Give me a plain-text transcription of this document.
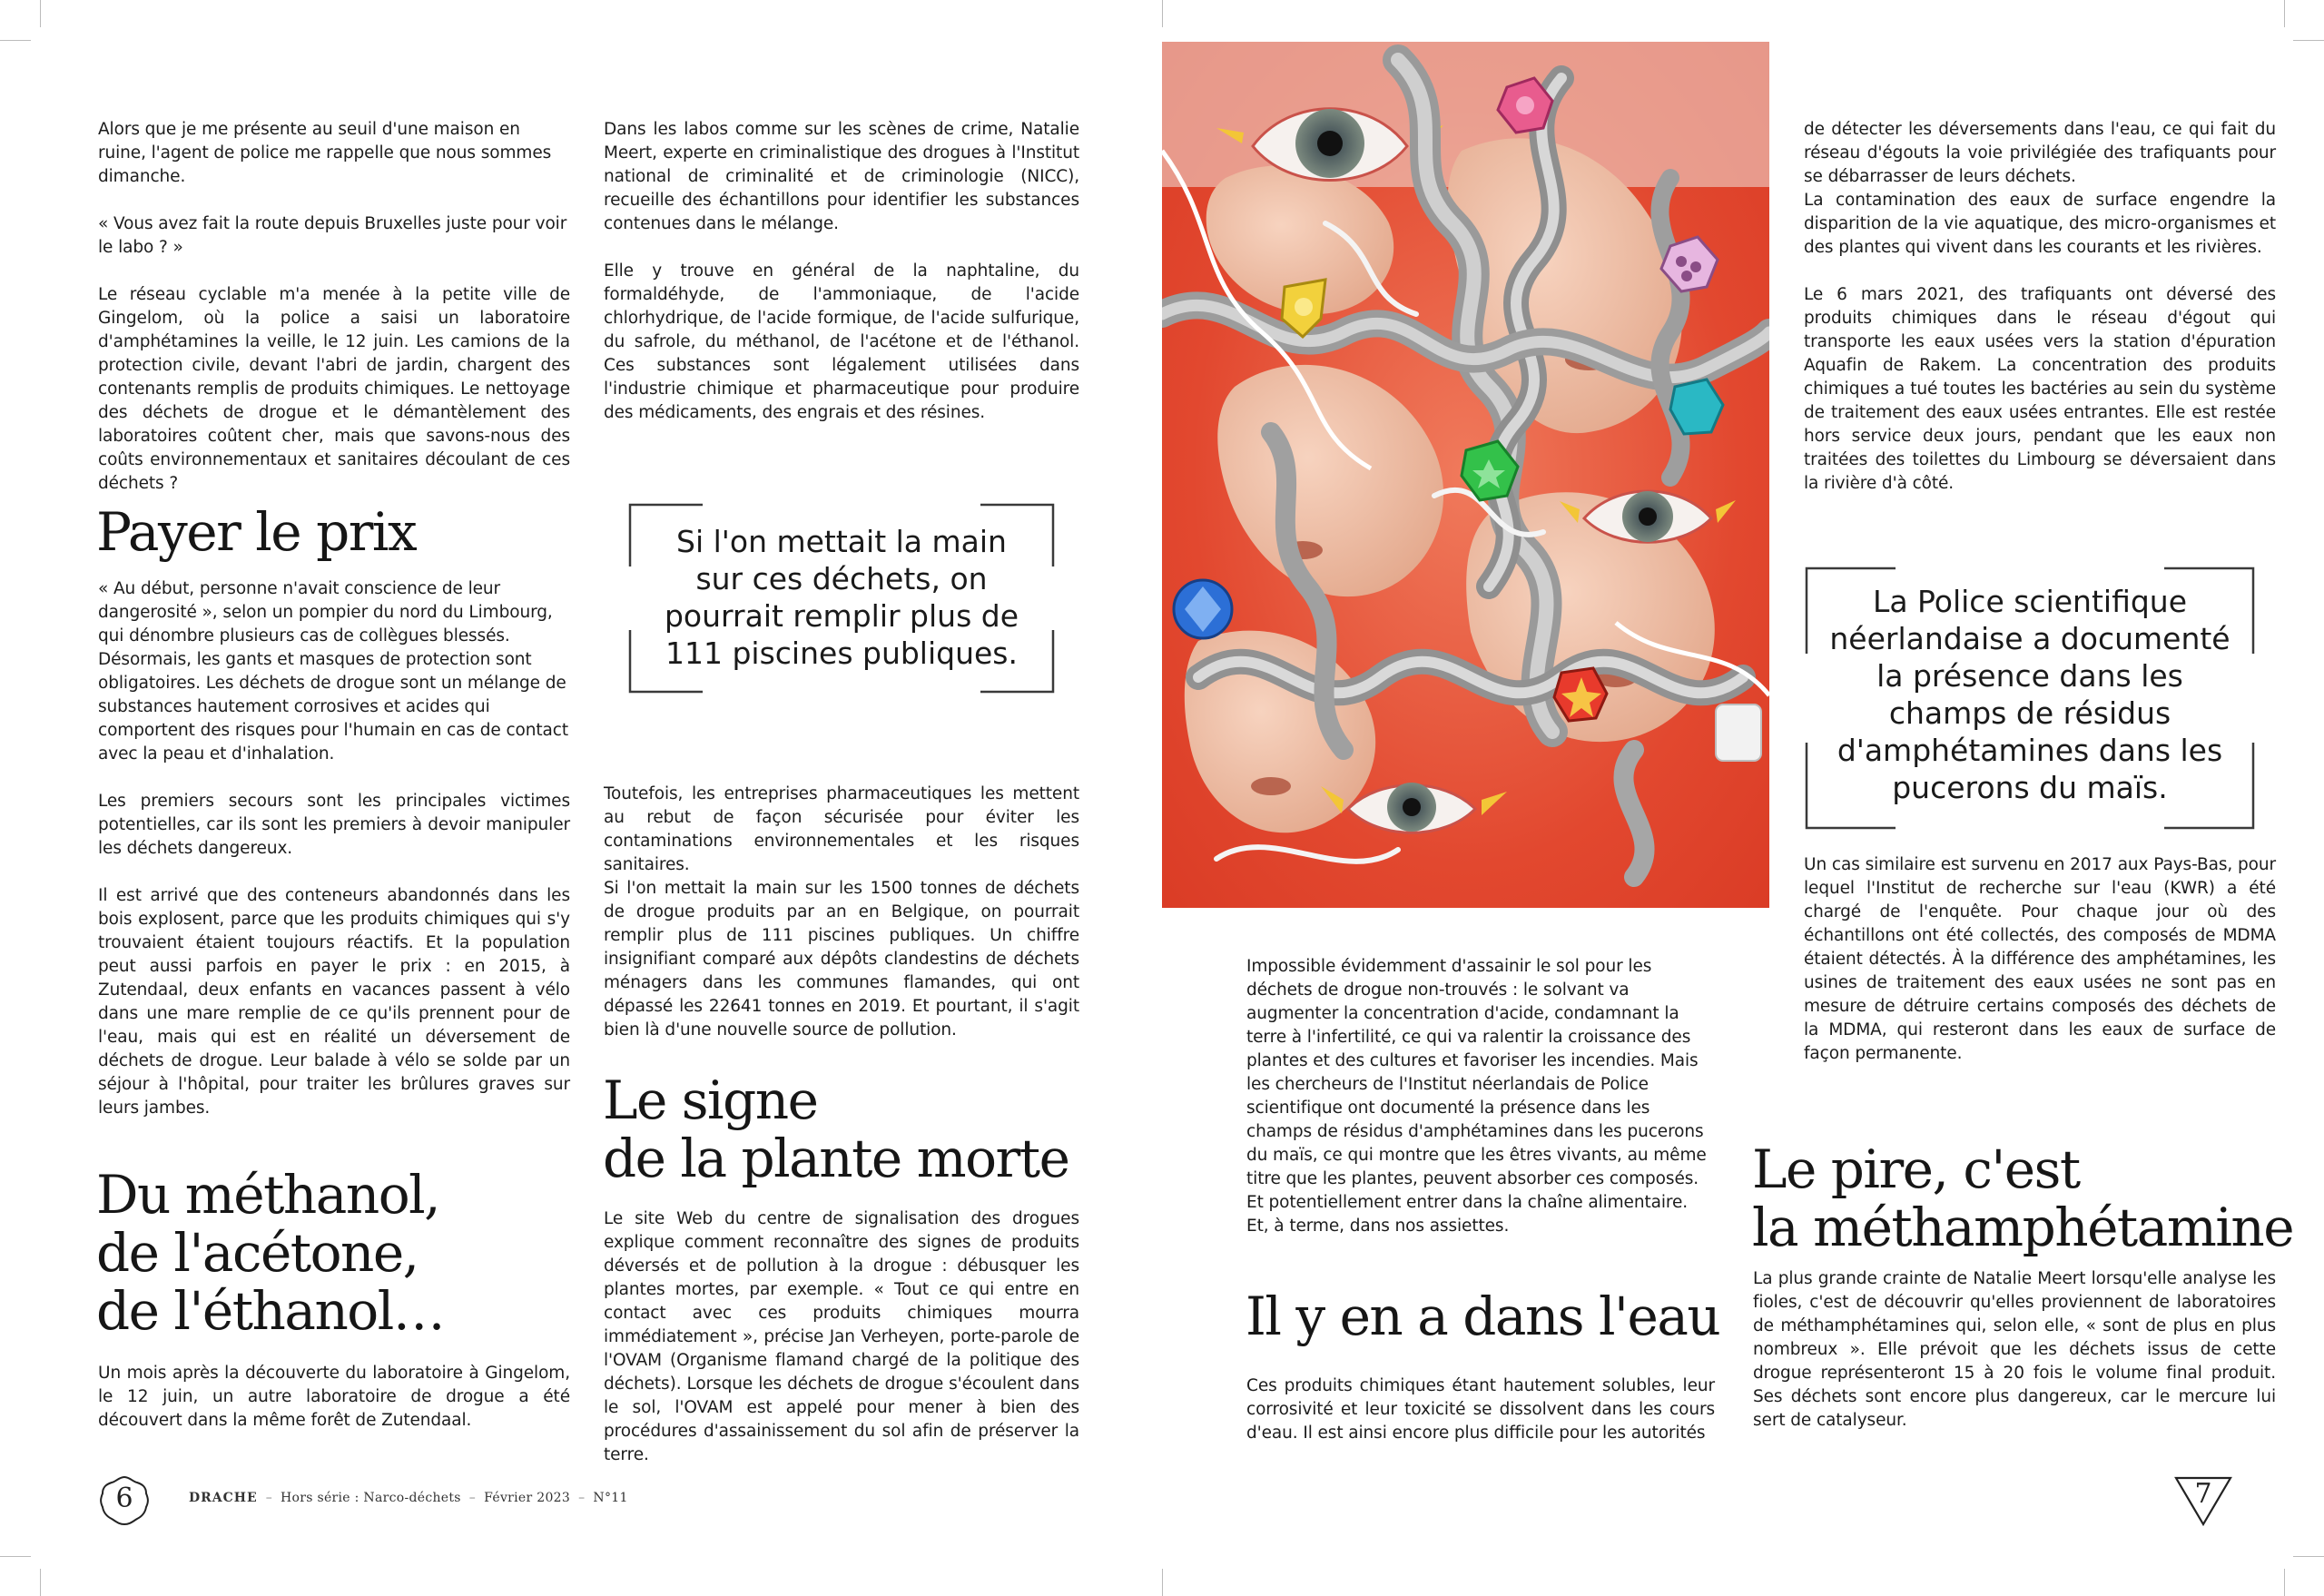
Alors que je me présente au seuil d'une maison en ruine, l'agent de police me rappelle que nous sommes dimanche.

« Vous avez fait la route depuis Bruxelles juste pour voir le labo ? »

Le réseau cyclable m'a menée à la petite ville de Gingelom, où la police a saisi un laboratoire d'amphétamines la veille, le 12 juin. Les camions de la protection civile, devant l'abri de jardin, chargent des contenants remplis de produits chimiques. Le nettoyage des déchets de drogue et le démantèlement des laboratoires coûtent cher, mais que savons-nous des coûts environnementaux et sanitaires découlant de ces déchets ?

Payer le prix

« Au début, personne n'avait conscience de leur dangerosité », selon un pompier du nord du Limbourg, qui dénombre plusieurs cas de collègues blessés. Désormais, les gants et masques de protection sont obligatoires. Les déchets de drogue sont un mélange de substances hautement corrosives et acides qui comportent des risques pour l'humain en cas de contact avec la peau et d'inhalation.

Les premiers secours sont les principales victimes potentielles, car ils sont les premiers à devoir manipuler les déchets dangereux.

Il est arrivé que des conteneurs abandonnés dans les bois explosent, parce que les produits chimiques qui s'y trouvaient étaient toujours réactifs. Et la population peut aussi parfois en payer le prix : en 2015, à Zutendaal, deux enfants en vacances passent à vélo dans une mare remplie de ce qu'ils prennent pour de l'eau, mais qui est en réalité un déversement de déchets de drogue. Leur balade à vélo se solde par un séjour à l'hôpital, pour traiter les brûlures graves sur leurs jambes.

Du méthanol,
de l'acétone,
de l'éthanol…

Un mois après la découverte du laboratoire à Gingelom, le 12 juin, un autre laboratoire de drogue a été découvert dans la même forêt de Zutendaal.

Dans les labos comme sur les scènes de crime, Natalie Meert, experte en criminalistique des drogues à l'Institut national de criminalité et de criminologie (NICC), recueille des échantillons pour identifier les substances contenues dans le mélange.

Elle y trouve en général de la naphtaline, du formaldéhyde, de l'ammoniaque, de l'acide chlorhydrique, de l'acide formique, de l'acide sulfurique, du safrole, du méthanol, de l'acétone et de l'éthanol. Ces substances sont légalement utilisées dans l'industrie chimique et pharmaceutique pour produire des médicaments, des engrais et des résines.

Si l'on mettait la main sur ces déchets, on pourrait remplir plus de 111 piscines publiques.

Toutefois, les entreprises pharmaceutiques les mettent au rebut de façon sécurisée pour éviter les contaminations environnementales et les risques sanitaires.

Si l'on mettait la main sur les 1500 tonnes de déchets de drogue produits par an en Belgique, on pourrait remplir plus de 111 piscines publiques. Un chiffre insignifiant comparé aux dépôts clandestins de déchets ménagers dans les communes flamandes, qui ont dépassé les 22641 tonnes en 2019. Et pourtant, il s'agit bien là d'une nouvelle source de pollution.

Le signe
de la plante morte

Le site Web du centre de signalisation des drogues explique comment reconnaître des signes de produits déversés et de pollution à la drogue : débusquer les plantes mortes, par exemple. « Tout ce qui entre en contact avec ces produits chimiques mourra immédiatement », précise Jan Verheyen, porte-parole de l'OVAM (Organisme flamand chargé de la politique des déchets). Lorsque les déchets de drogue s'écoulent dans le sol, l'OVAM est appelé pour mener à bien des procédures d'assainissement du sol afin de préserver la terre.

6	DRACHE – Hors série : Narco-déchets – Février 2023 – N°11

de détecter les déversements dans l'eau, ce qui fait du réseau d'égouts la voie privilégiée des trafiquants pour se débarrasser de leurs déchets.

La contamination des eaux de surface engendre la disparition de la vie aquatique, des micro-organismes et des plantes qui vivent dans les courants et les rivières.

Le 6 mars 2021, des trafiquants ont déversé des produits chimiques dans le réseau d'égout qui transporte les eaux usées vers la station d'épuration Aquafin de Rakem. La concentration des produits chimiques a tué toutes les bactéries au sein du système de traitement des eaux usées entrantes. Elle est restée hors service deux jours, pendant que les eaux non traitées des toilettes du Limbourg se déversaient dans la rivière d'à côté.

La Police scientifique néerlandaise a documenté la présence dans les champs de résidus d'amphétamines dans les pucerons du maïs.

Un cas similaire est survenu en 2017 aux Pays-Bas, pour lequel l'Institut de recherche sur l'eau (KWR) a été chargé de l'enquête. Pour chaque jour où des échantillons ont été collectés, des composés de MDMA étaient détectés. À la différence des amphétamines, les usines de traitement des eaux usées ne sont pas en mesure de détruire certains composés des déchets de la MDMA, qui resteront dans les eaux de surface de façon permanente.

Le pire, c'est
la méthamphétamine

La plus grande crainte de Natalie Meert lorsqu'elle analyse les fioles, c'est de découvrir qu'elles proviennent de laboratoires de méthamphétamines qui, selon elle, « sont de plus en plus nombreux ». Elle prévoit que les déchets issus de cette drogue représenteront 15 à 20 fois le volume final produit. Ses déchets sont encore plus dangereux, car le mercure lui sert de catalyseur.

Impossible évidemment d'assainir le sol pour les déchets de drogue non-trouvés : le solvant va augmenter la concentration d'acide, condamnant la terre à l'infertilité, ce qui va ralentir la croissance des plantes et des cultures et favoriser les incendies. Mais les chercheurs de l'Institut néerlandais de Police scientifique ont documenté la présence dans les champs de résidus d'amphétamines dans les pucerons du maïs, ce qui montre que les êtres vivants, au même titre que les plantes, peuvent absorber ces composés. Et potentiellement entrer dans la chaîne alimentaire. Et, à terme, dans nos assiettes.

Il y en a dans l'eau

Ces produits chimiques étant hautement solubles, leur corrosivité et leur toxicité se dissolvent dans les cours d'eau. Il est ainsi encore plus difficile pour les autorités

7
